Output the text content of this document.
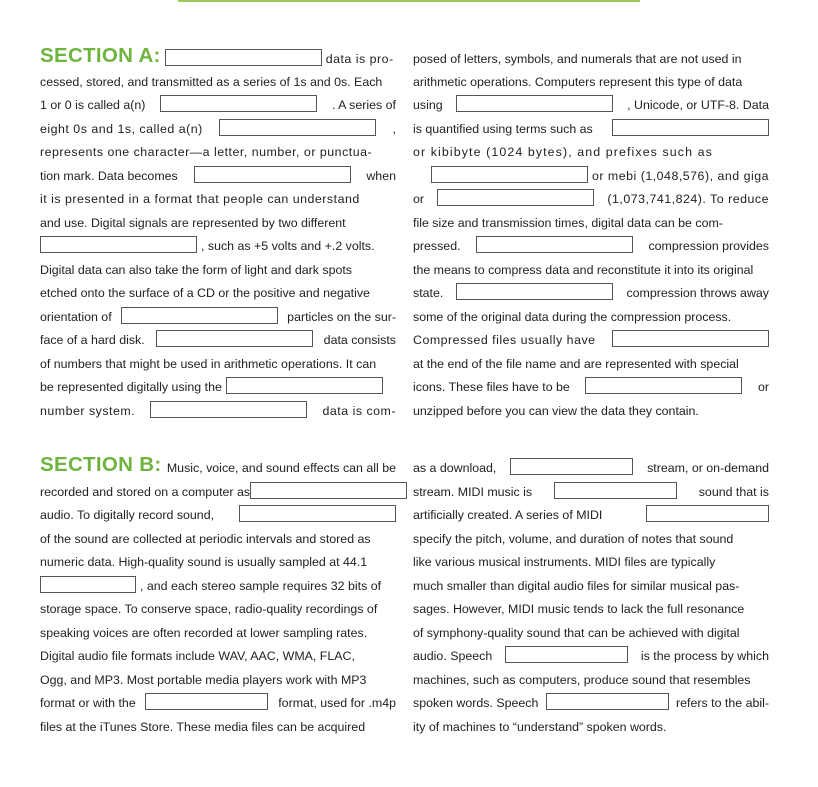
SECTION A:	data is pro-
cessed, stored, and transmitted as a series of 1s and 0s. Each
1 or 0 is called a(n)	. A series of
eight 0s and 1s, called a(n)	,
represents one character—a letter, number, or punctua-
tion mark. Data becomes	when
it is presented in a format that people can understand
and use. Digital signals are represented by two different
, such as +5 volts and +.2 volts.
Digital data can also take the form of light and dark spots
etched onto the surface of a CD or the positive and negative
orientation of	particles on the sur-
face of a hard disk.	data consists
of numbers that might be used in arithmetic operations. It can
be represented digitally using the
number system.	data is com-
posed of letters, symbols, and numerals that are not used in
arithmetic operations. Computers represent this type of data
using	, Unicode, or UTF-8. Data
is quantified using terms such as
or kibibyte (1024 bytes), and prefixes such as
or mebi (1,048,576), and giga
or	(1,073,741,824). To reduce
file size and transmission times, digital data can be com-
pressed.	compression provides
the means to compress data and reconstitute it into its original
state.	compression throws away
some of the original data during the compression process.
Compressed files usually have
at the end of the file name and are represented with special
icons. These files have to be	or
unzipped before you can view the data they contain.
SECTION B: Music, voice, and sound effects can all be
recorded and stored on a computer as
audio. To digitally record sound,
of the sound are collected at periodic intervals and stored as
numeric data. High-quality sound is usually sampled at 44.1
, and each stereo sample requires 32 bits of
storage space. To conserve space, radio-quality recordings of
speaking voices are often recorded at lower sampling rates.
Digital audio file formats include WAV, AAC, WMA, FLAC,
Ogg, and MP3. Most portable media players work with MP3
format or with the	format, used for .m4p
files at the iTunes Store. These media files can be acquired
as a download,	stream, or on-demand
stream. MIDI music is	sound that is
artificially created. A series of MIDI
specify the pitch, volume, and duration of notes that sound
like various musical instruments. MIDI files are typically
much smaller than digital audio files for similar musical pas-
sages. However, MIDI music tends to lack the full resonance
of symphony-quality sound that can be achieved with digital
audio. Speech	is the process by which
machines, such as computers, produce sound that resembles
spoken words. Speech	refers to the abil-
ity of machines to “understand” spoken words.
